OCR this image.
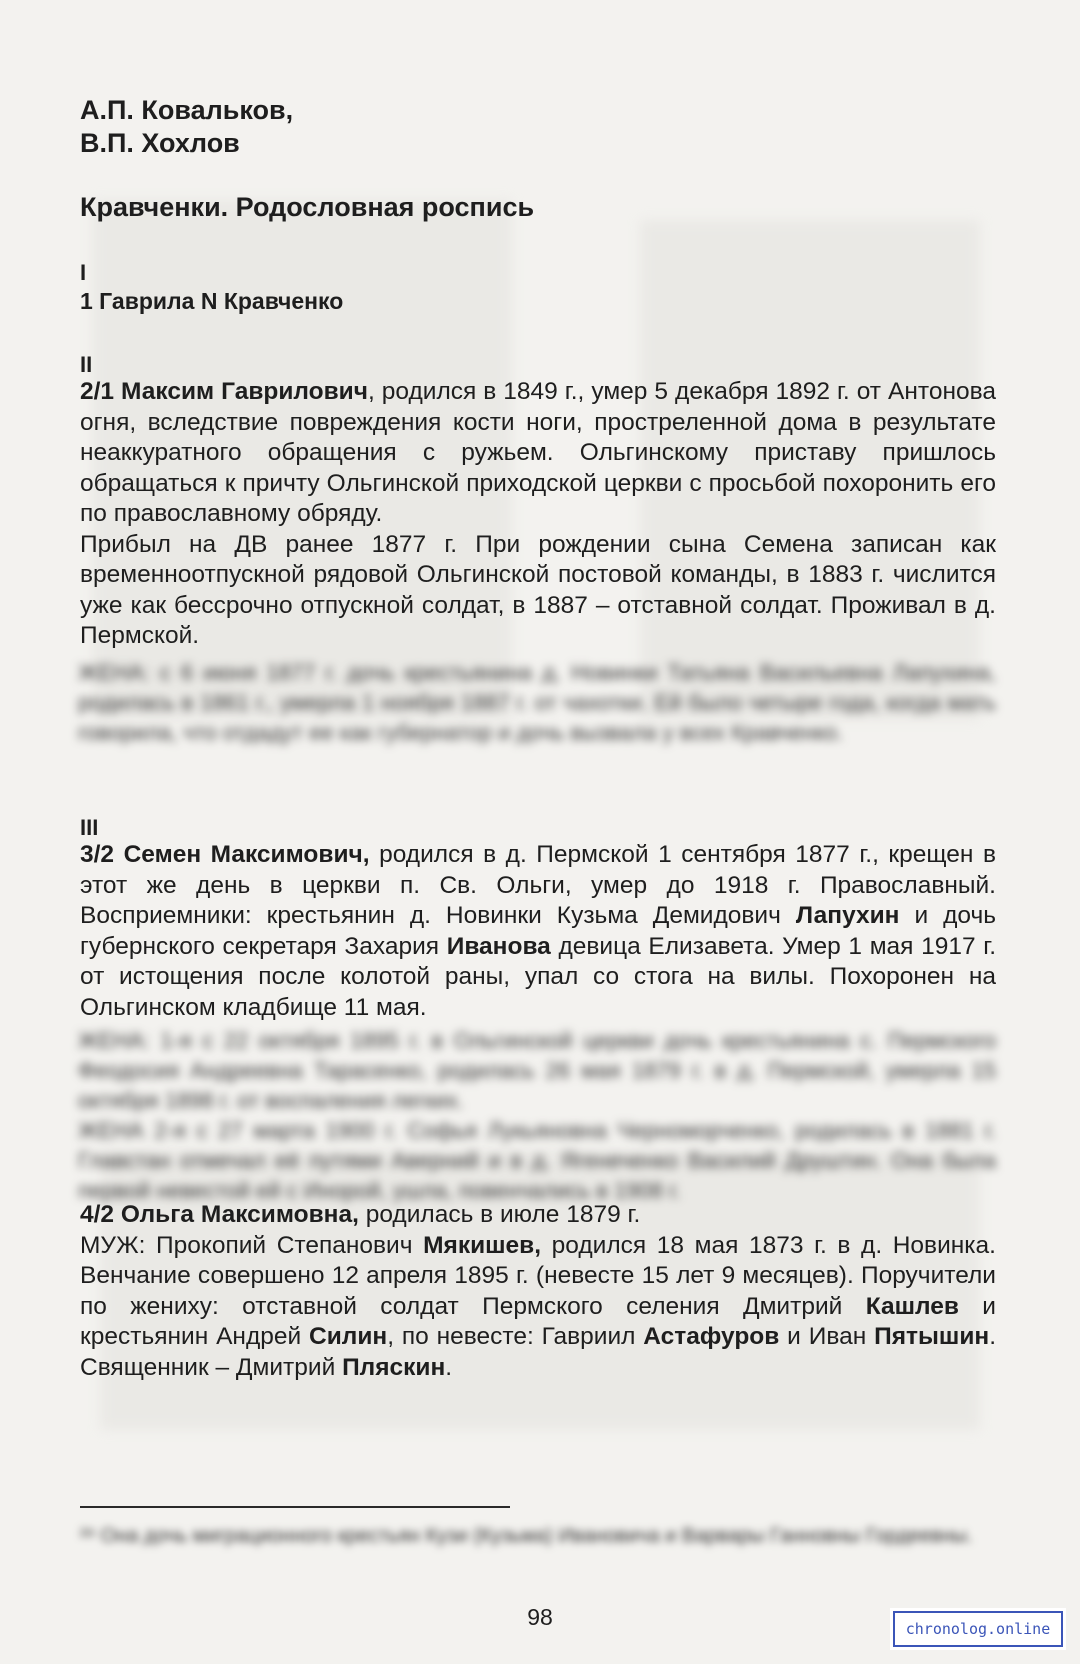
А.П. Ковальков,
В.П. Хохлов
Кравченки. Родословная роспись
I
1 Гаврила N Кравченко
II

2/1 Максим Гаврилович, родился в 1849 г., умер 5 декабря 1892 г. от Антонова огня, вследствие повреждения кости ноги, простреленной дома в результате неаккуратного обращения с ружьем. Ольгинскому приставу пришлось обращаться к причту Ольгинской приходской церкви с просьбой похоронить его по православному обряду.

Прибыл на ДВ ранее 1877 г. При рождении сына Семена записан как временноотпускной рядовой Ольгинской постовой команды, в 1883 г. числится уже как бессрочно отпускной солдат, в 1887 – отставной солдат. Проживал в д. Пермской.

ЖЕНА: с 6 июня 1877 г. дочь крестьянина д. Новинки Татьяна Васильевна Лапухина, родилась в 1861 г., умерла 1 ноября 1887 г. от чахотки. Ей было четыре года, когда мать говорила, что отдадут ее как губернатор и дочь вызвала у всех Кравченко.

III

3/2 Семен Максимович, родился в д. Пермской 1 сентября 1877 г., крещен в этот же день в церкви п. Св. Ольги, умер до 1918 г. Православный. Восприемники: крестьянин д. Новинки Кузьма Демидович Лапухин и дочь губернского секретаря Захария Иванова девица Елизавета. Умер 1 мая 1917 г. от истощения после колотой раны, упал со стога на вилы. Похоронен на Ольгинском кладбище 11 мая.

ЖЕНА: 1-я с 22 октября 1895 г. в Ольгинской церкви дочь крестьянина с. Пермского Феодосия Андреевна Тарасенко, родилась 26 мая 1879 г. в д. Пермской, умерла 15 октября 1898 г. от воспаления легких.

ЖЕНА 2-я с 27 марта 1900 г. Софья Лукьяновна Черноморченко, родилась в 1881 г. Главстан отмечал её путями Аверний и в д. Ягенеченко Василий Друштин. Она была первой невестой ей с Инорой, ушла, повенчались в 1908 г.

4/2 Ольга Максимовна, родилась в июле 1879 г.

МУЖ: Прокопий Степанович Мякишев, родился 18 мая 1873 г. в д. Новинка. Венчание совершено 12 апреля 1895 г. (невесте 15 лет 9 месяцев). Поручители по жениху: отставной солдат Пермского селения Дмитрий Кашлев и крестьянин Андрей Силин, по невесте: Гавриил Астафуров и Иван Пятышин. Священник – Дмитрий Пляскин.

²⁸ Она дочь миграционного крестьян Кузи (Кузьма) Ивановича и Варвары Ганновны Гордеевны.
98	chronolog.online
